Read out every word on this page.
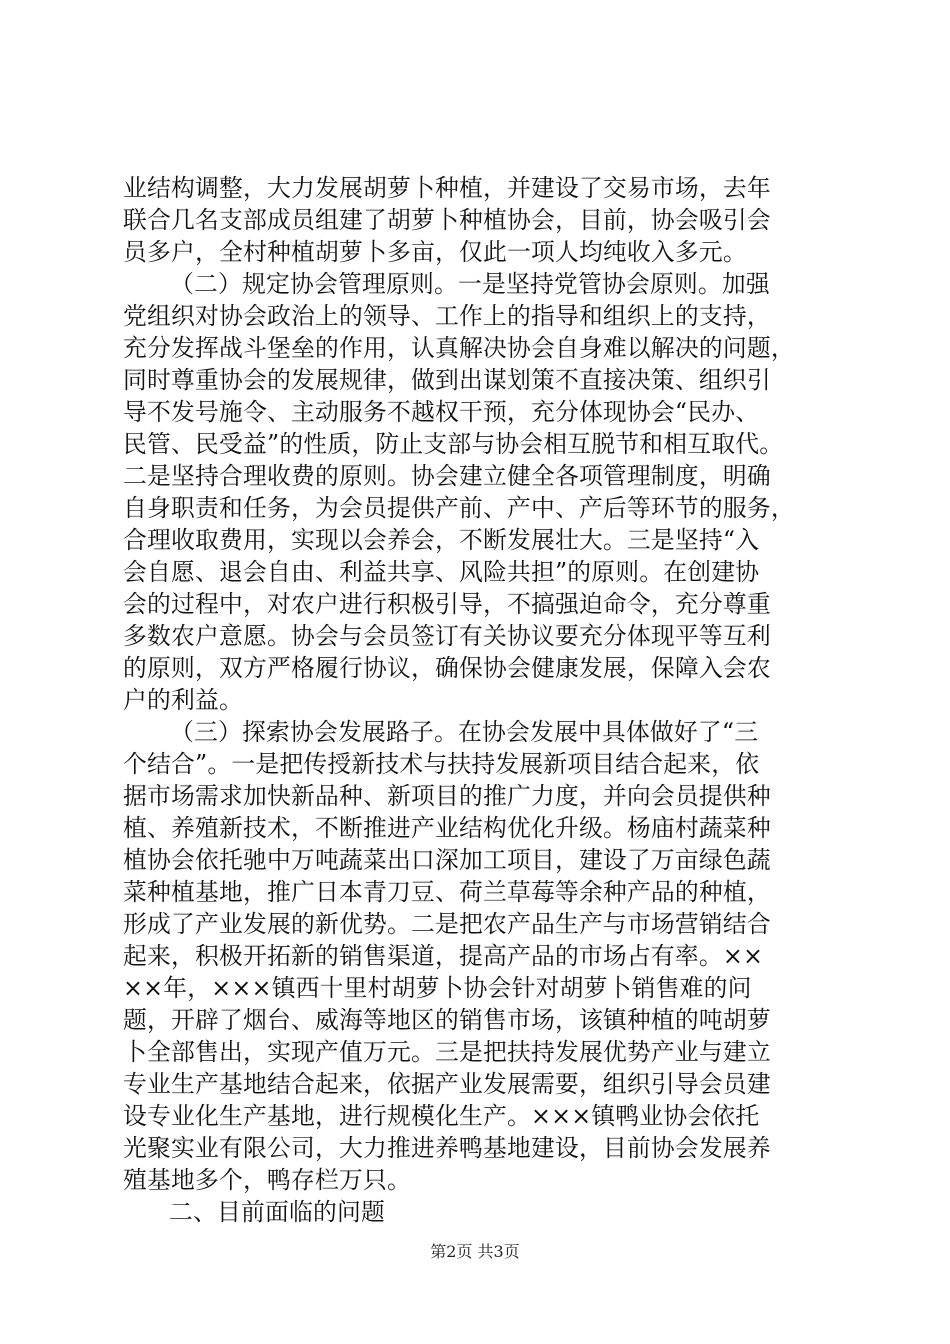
业结构调整，大力发展胡萝卜种植，并建设了交易市场，去年
联合几名支部成员组建了胡萝卜种植协会，目前，协会吸引会
员多户，全村种植胡萝卜多亩，仅此一项人均纯收入多元。
（二）规定协会管理原则。一是坚持党管协会原则。加强
党组织对协会政治上的领导、工作上的指导和组织上的支持，
充分发挥战斗堡垒的作用，认真解决协会自身难以解决的问题，
同时尊重协会的发展规律，做到出谋划策不直接决策、组织引
导不发号施令、主动服务不越权干预，充分体现协会“民办、
民管、民受益”的性质，防止支部与协会相互脱节和相互取代。
二是坚持合理收费的原则。协会建立健全各项管理制度，明确
自身职责和任务，为会员提供产前、产中、产后等环节的服务，
合理收取费用，实现以会养会，不断发展壮大。三是坚持“入
会自愿、退会自由、利益共享、风险共担”的原则。在创建协
会的过程中，对农户进行积极引导，不搞强迫命令，充分尊重
多数农户意愿。协会与会员签订有关协议要充分体现平等互利
的原则，双方严格履行协议，确保协会健康发展，保障入会农
户的利益。
（三）探索协会发展路子。在协会发展中具体做好了“三
个结合”。一是把传授新技术与扶持发展新项目结合起来，依
据市场需求加快新品种、新项目的推广力度，并向会员提供种
植、养殖新技术，不断推进产业结构优化升级。杨庙村蔬菜种
植协会依托驰中万吨蔬菜出口深加工项目，建设了万亩绿色蔬
菜种植基地，推广日本青刀豆、荷兰草莓等余种产品的种植，
形成了产业发展的新优势。二是把农产品生产与市场营销结合
起来，积极开拓新的销售渠道，提高产品的市场占有率。××
××年，×××镇西十里村胡萝卜协会针对胡萝卜销售难的问
题，开辟了烟台、威海等地区的销售市场，该镇种植的吨胡萝
卜全部售出，实现产值万元。三是把扶持发展优势产业与建立
专业生产基地结合起来，依据产业发展需要，组织引导会员建
设专业化生产基地，进行规模化生产。×××镇鸭业协会依托
光聚实业有限公司，大力推进养鸭基地建设，目前协会发展养
殖基地多个，鸭存栏万只。
二、目前面临的问题
第2页 共3页
